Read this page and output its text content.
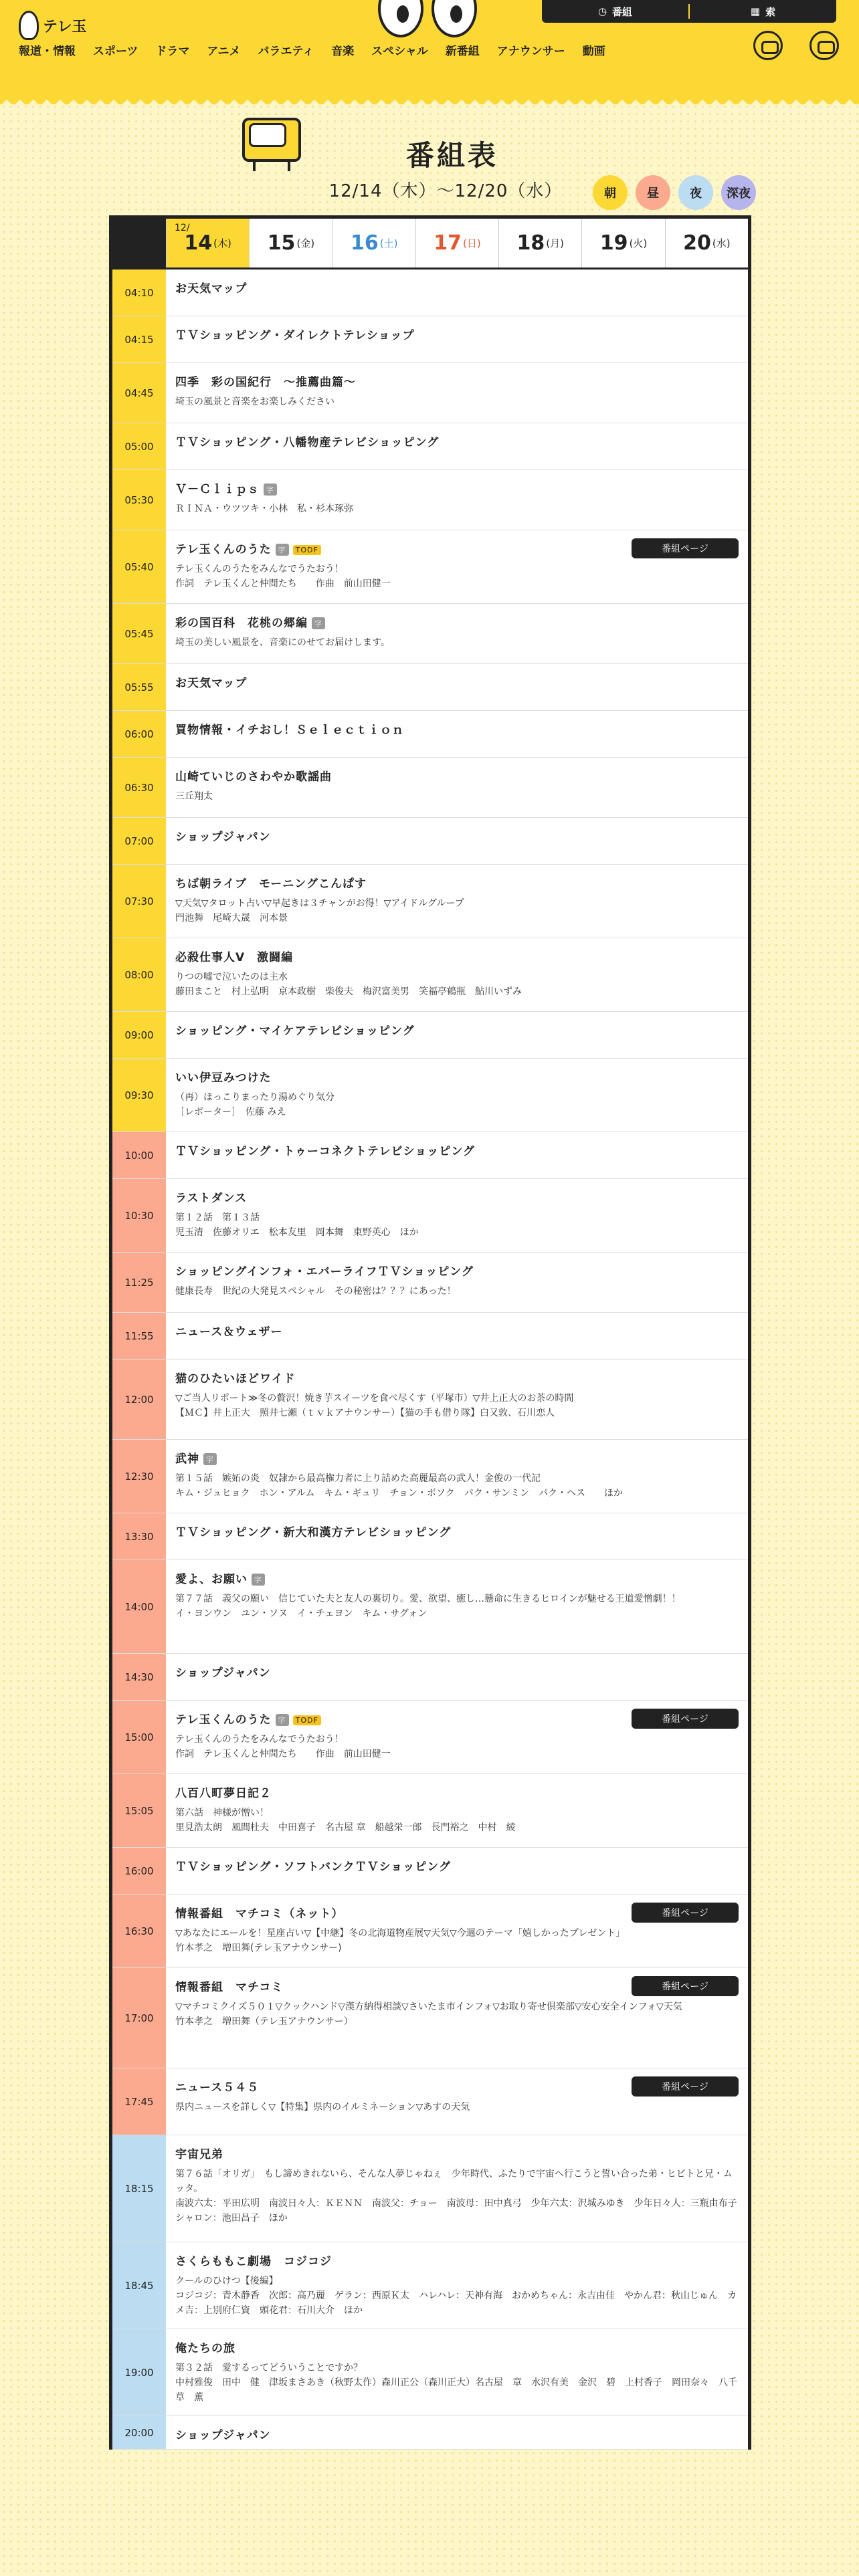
テレ玉
◷ 番組	▦ 索
報道・情報 スポーツ ドラマ アニメ バラエティ 音楽 スペシャル 新番組 アナウンサー 動画
番組表
12/14（木）〜12/20（水）	朝	昼	夜	深夜
12/
14 (木) 15 (金) 16 (土) 17 (日) 18 (月) 19 (火) 20 (水)
04:10	お天気マップ
04:15	ＴＶショッピング・ダイレクトテレショップ
04:45
四季　彩の国紀行　〜推薦曲篇〜
埼玉の風景と音楽をお楽しみください
05:00	ＴＶショッピング・八幡物産テレビショッピング
05:30
Ｖ－Ｃｌｉｐｓ 字
ＲＩＮＡ・ウツツキ・小林　私・杉本琢弥
05:40
テレ玉くんのうた 字 TODF
テレ玉くんのうたをみんなでうたおう！
作詞　テレ玉くんと仲間たち　　作曲　前山田健一
番組ページ
05:45
彩の国百科　花桃の郷編 字
埼玉の美しい風景を、音楽にのせてお届けします。
05:55	お天気マップ
06:00	買物情報・イチおし！Ｓｅｌｅｃｔｉｏｎ
06:30
山崎ていじのさわやか歌謡曲
三丘翔太
07:00	ショップジャパン
07:30
ちば朝ライブ　モーニングこんぱす
▽天気▽タロット占い▽早起きは３チャンがお得！▽アイドルグループ
門池舞　尾崎大晟　河本景
08:00
必殺仕事人Ⅴ　激闘編
りつの嘘で泣いたのは主水
藤田まこと　村上弘明　京本政樹　柴俊夫　梅沢富美男　笑福亭鶴瓶　鮎川いずみ
09:00	ショッピング・マイケアテレビショッピング
09:30
いい伊豆みつけた
（再）ほっこりまったり湯めぐり気分
［レポーター］　佐藤 みえ
10:00	ＴＶショッピング・トゥーコネクトテレビショッピング
10:30
ラストダンス
第１２話　第１３話
児玉清　佐藤オリエ　松本友里　岡本舞　東野英心　ほか
11:25
ショッピングインフォ・エバーライフＴＶショッピング
健康長寿　世紀の大発見スペシャル　その秘密は？？？にあった！
11:55	ニュース＆ウェザー
12:00
猫のひたいほどワイド
▽ご当人リポート≫冬の贅沢！焼き芋スイーツを食べ尽くす（平塚市）▽井上正大のお茶の時間
【ＭＣ】井上正大　照井七瀬（ｔｖｋアナウンサー）【猫の手も借り隊】白又敦、石川恋人
12:30
武神 字
第１５話　嫉妬の炎　奴隷から最高権力者に上り詰めた高麗最高の武人！金俊の一代記
キム・ジュヒョク　ホン・アルム　キム・ギュリ　チョン・ボソク　パク・サンミン　パク・ヘス　　ほか
13:30	ＴＶショッピング・新大和漢方テレビショッピング
14:00
愛よ、お願い 字
第７７話　義父の願い　信じていた夫と友人の裏切り。愛、欲望、癒し…懸命に生きるヒロインが魅せる王道愛憎劇！！
イ・ヨンウン　ユン・ソヌ　イ・チェヨン　キム・サグォン
14:30	ショップジャパン
15:00
テレ玉くんのうた 字 TODF
テレ玉くんのうたをみんなでうたおう！
作詞　テレ玉くんと仲間たち　　作曲　前山田健一
番組ページ
15:05
八百八町夢日記２
第六話　神様が憎い！
里見浩太朗　風間杜夫　中田喜子　名古屋 章　船越栄一郎　長門裕之　中村　綾
16:00	ＴＶショッピング・ソフトバンクＴＶショッピング
16:30
情報番組　マチコミ（ネット）
▽あなたにエールを！星座占い▽【中継】冬の北海道物産展▽天気▽今週のテーマ「嬉しかったプレゼント」
竹本孝之　増田舞(テレ玉アナウンサー)
番組ページ
17:00
情報番組　マチコミ
▽マチコミクイズ５０１▽クックハンド▽漢方納得相談▽さいたま市インフォ▽お取り寄せ倶楽部▽安心安全インフォ▽天気
竹本孝之　増田舞（テレ玉アナウンサー）
番組ページ
17:45
ニュース５４５
県内ニュースを詳しく▽【特集】県内のイルミネーション▽あすの天気
番組ページ
18:15
宇宙兄弟
第７６話「オリガ」　もし諦めきれないら、そんな人夢じゃねぇ　少年時代、ふたりで宇宙へ行こうと誓い合った弟・ヒビトと兄・ムッタ。
南波六太：平田広明　南波日々人：ＫＥＮＮ　南波父：チョー　南波母：田中真弓　少年六太：沢城みゆき　少年日々人：三瓶由布子　シャロン：池田昌子　ほか
18:45
さくらももこ劇場　コジコジ
クールのひけつ【後編】
コジコジ：青木静香　次郎：高乃麗　ゲラン：西原Ｋ太　ハレハレ：天神有海　おかめちゃん：永吉由佳　やかん君：秋山じゅん　カメ吉：上別府仁資　頭花君：石川大介　ほか
19:00
俺たちの旅
第３２話　愛するってどういうことですか？
中村雅俊　田中　健　津坂まさあき（秋野太作）森川正公（森川正大）名古屋　章　水沢有美　金沢　碧　上村香子　岡田奈々　八千草　薫
20:00	ショップジャパン
